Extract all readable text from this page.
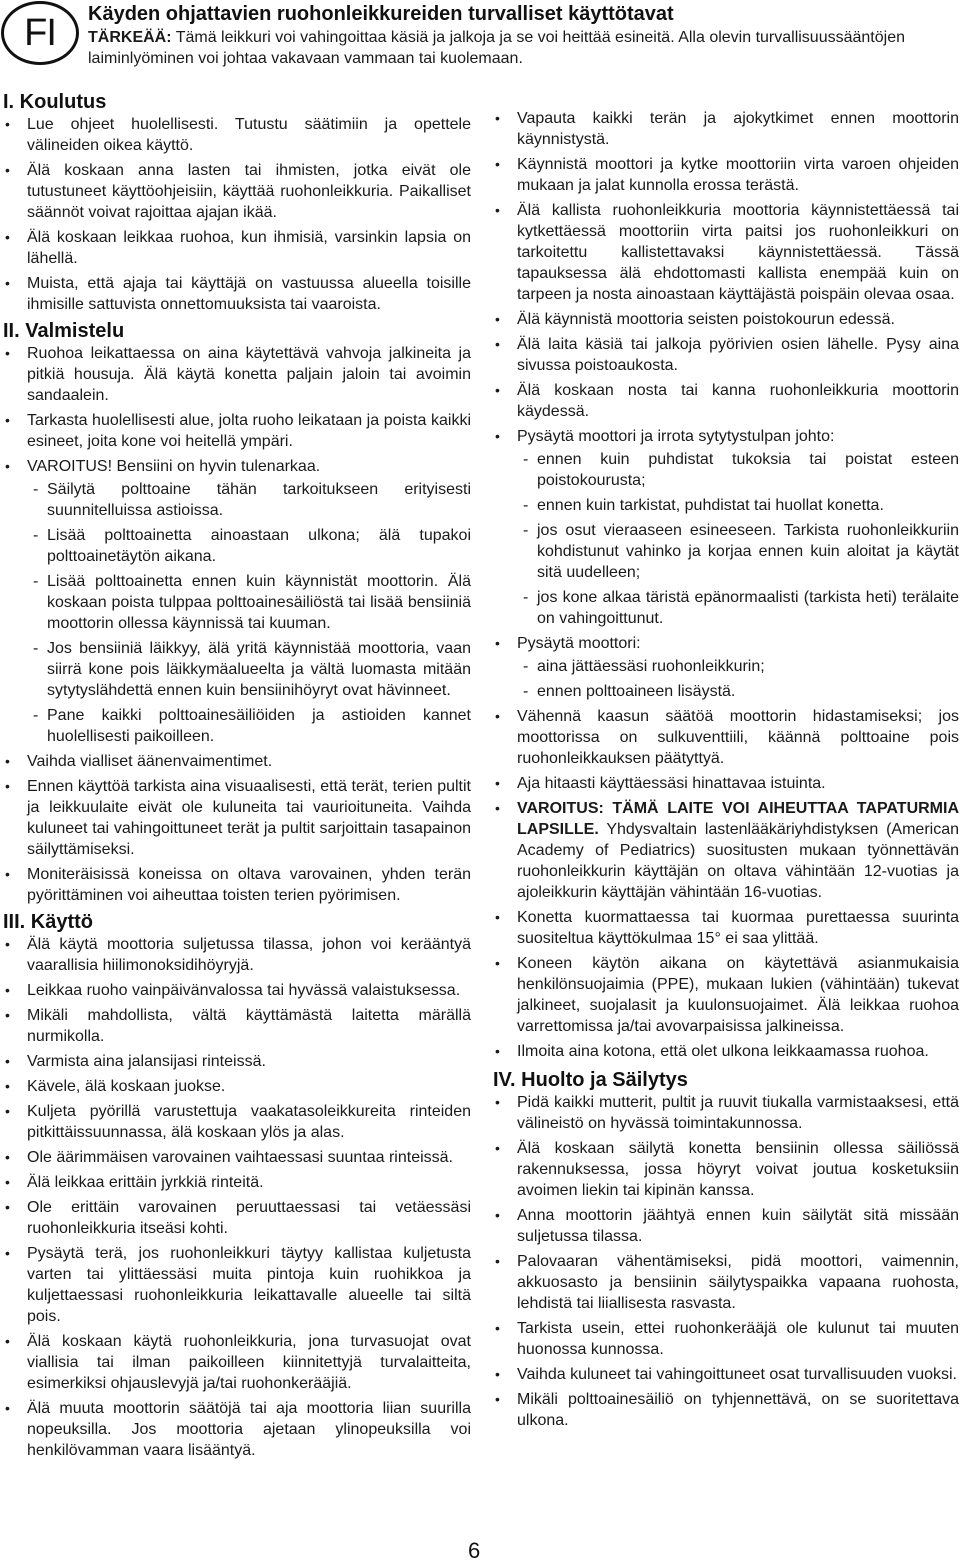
FI Käyden ohjattavien ruohonleikkureiden turvalliset käyttötavat

TÄRKEÄÄ: Tämä leikkuri voi vahingoittaa käsiä ja jalkoja ja se voi heittää esineitä. Alla olevin turvallisuussääntöjen laiminlyöminen voi johtaa vakavaan vammaan tai kuolemaan.

I. Koulutus
• Lue ohjeet huolellisesti. Tutustu säätimiin ja opettele välineiden oikea käyttö.
• Älä koskaan anna lasten tai ihmisten, jotka eivät ole tutustuneet käyttöohjeisiin, käyttää ruohonleikkuria. Paikalliset säännöt voivat rajoittaa ajajan ikää.
• Älä koskaan leikkaa ruohoa, kun ihmisiä, varsinkin lapsia on lähellä.
• Muista, että ajaja tai käyttäjä on vastuussa alueella toisille ihmisille sattuvista onnettomuuksista tai vaaroista.
II. Valmistelu
• Ruohoa leikattaessa on aina käytettävä vahvoja jalkineita ja pitkiä housuja. Älä käytä konetta paljain jaloin tai avoimin sandaalein.
• Tarkasta huolellisesti alue, jolta ruoho leikataan ja poista kaikki esineet, joita kone voi heitellä ympäri.
• VAROITUS! Bensiini on hyvin tulenarkaa.
- Säilytä polttoaine tähän tarkoitukseen erityisesti suunnitelluissa astioissa.
- Lisää polttoainetta ainoastaan ulkona; älä tupakoi polttoainetäytön aikana.
- Lisää polttoainetta ennen kuin käynnistät moottorin. Älä koskaan poista tulppaa polttoainesäiliöstä tai lisää bensiiniä moottorin ollessa käynnissä tai kuuman.
- Jos bensiiniä läikkyy, älä yritä käynnistää moottoria, vaan siirrä kone pois läikkymäalueelta ja vältä luomasta mitään sytytyslähdettä ennen kuin bensiinihöyryt ovat hävinneet.
- Pane kaikki polttoainesäiliöiden ja astioiden kannet huolellisesti paikoilleen.
• Vaihda vialliset äänenvaimentimet.
• Ennen käyttöä tarkista aina visuaalisesti, että terät, terien pultit ja leikkuulaite eivät ole kuluneita tai vaurioituneita. Vaihda kuluneet tai vahingoittuneet terät ja pultit sarjoittain tasapainon säilyttämiseksi.
• Moniteräisissä koneissa on oltava varovainen, yhden terän pyörittäminen voi aiheuttaa toisten terien pyörimisen.
III. Käyttö
• Älä käytä moottoria suljetussa tilassa, johon voi kerääntyä vaarallisia hiilimonoksidihöyryjä.
• Leikkaa ruoho vainpäivänvalossa tai hyvässä valaistuksessa.
• Mikäli mahdollista, vältä käyttämästä laitetta märällä nurmikolla.
• Varmista aina jalansijasi rinteissä.
• Kävele, älä koskaan juokse.
• Kuljeta pyörillä varustettuja vaakatasoleikkureita rinteiden pitkittäissuunnassa, älä koskaan ylös ja alas.
• Ole äärimmäisen varovainen vaihtaessasi suuntaa rinteissä.
• Älä leikkaa erittäin jyrkkiä rinteitä.
• Ole erittäin varovainen peruuttaessasi tai vetäessäsi ruohonleikkuria itseäsi kohti.
• Pysäytä terä, jos ruohonleikkuri täytyy kallistaa kuljetusta varten tai ylittäessäsi muita pintoja kuin ruohikkoa ja kuljettaessasi ruohonleikkuria leikattavalle alueelle tai siltä pois.
• Älä koskaan käytä ruohonleikkuria, jona turvasuojat ovat viallisia tai ilman paikoilleen kiinnitettyjä turvalaitteita, esimerkiksi ohjauslevyjä ja/tai ruohonkerääjiä.
• Älä muuta moottorin säätöjä tai aja moottoria liian suurilla nopeuksilla. Jos moottoria ajetaan ylinopeuksilla voi henkilövamman vaara lisääntyä.
• Vapauta kaikki terän ja ajokytkimet ennen moottorin käynnistystä.
• Käynnistä moottori ja kytke moottoriin virta varoen ohjeiden mukaan ja jalat kunnolla erossa terästä.
• Älä kallista ruohonleikkuria moottoria käynnistettäessä tai kytkettäessä moottoriin virta paitsi jos ruohonleikkuri on tarkoitettu kallistettavaksi käynnistettäessä. Tässä tapauksessa älä ehdottomasti kallista enempää kuin on tarpeen ja nosta ainoastaan käyttäjästä poispäin olevaa osaa.
• Älä käynnistä moottoria seisten poistokourun edessä.
• Älä laita käsiä tai jalkoja pyörivien osien lähelle. Pysy aina sivussa poistoaukosta.
• Älä koskaan nosta tai kanna ruohonleikkuria moottorin käydessä.
• Pysäytä moottori ja irrota sytytystulpan johto:
- ennen kuin puhdistat tukoksia tai poistat esteen poistokourusta;
- ennen kuin tarkistat, puhdistat tai huollat konetta.
- jos osut vieraaseen esineeseen. Tarkista ruohonleikkuriin kohdistunut vahinko ja korjaa ennen kuin aloitat ja käytät sitä uudelleen;
- jos kone alkaa täristä epänormaalisti (tarkista heti) terälaite on vahingoittunut.
• Pysäytä moottori:
- aina jättäessäsi ruohonleikkurin;
- ennen polttoaineen lisäystä.
• Vähennä kaasun säätöä moottorin hidastamiseksi; jos moottorissa on sulkuventtiili, käännä polttoaine pois ruohonleikkauksen päätyttyä.
• Aja hitaasti käyttäessäsi hinattavaa istuinta.
• VAROITUS: TÄMÄ LAITE VOI AIHEUTTAA TAPATURMIA LAPSILLE. Yhdysvaltain lastenlääkäriyhdistyksen (American Academy of Pediatrics) suositusten mukaan työnnettävän ruohonleikkurin käyttäjän on oltava vähintään 12-vuotias ja ajoleikkurin käyttäjän vähintään 16-vuotias.
• Konetta kuormattaessa tai kuormaa purettaessa suurinta suositeltua käyttökulmaa 15° ei saa ylittää.
• Koneen käytön aikana on käytettävä asianmukaisia henkilönsuojaimia (PPE), mukaan lukien (vähintään) tukevat jalkineet, suojalasit ja kuulonsuojaimet. Älä leikkaa ruohoa varrettomissa ja/tai avovarpaisissa jalkineissa.
• Ilmoita aina kotona, että olet ulkona leikkaamassa ruohoa.
IV. Huolto ja Säilytys
• Pidä kaikki mutterit, pultit ja ruuvit tiukalla varmistaaksesi, että välineistö on hyvässä toimintakunnossa.
• Älä koskaan säilytä konetta bensiinin ollessa säiliössä rakennuksessa, jossa höyryt voivat joutua kosketuksiin avoimen liekin tai kipinän kanssa.
• Anna moottorin jäähtyä ennen kuin säilytät sitä missään suljetussa tilassa.
• Palovaaran vähentämiseksi, pidä moottori, vaimennin, akkuosasto ja bensiinin säilytyspaikka vapaana ruohosta, lehdistä tai liiallisesta rasvasta.
• Tarkista usein, ettei ruohonkerääjä ole kulunut tai muuten huonossa kunnossa.
• Vaihda kuluneet tai vahingoittuneet osat turvallisuuden vuoksi.
• Mikäli polttoainesäiliö on tyhjennettävä, on se suoritettava ulkona.
6
